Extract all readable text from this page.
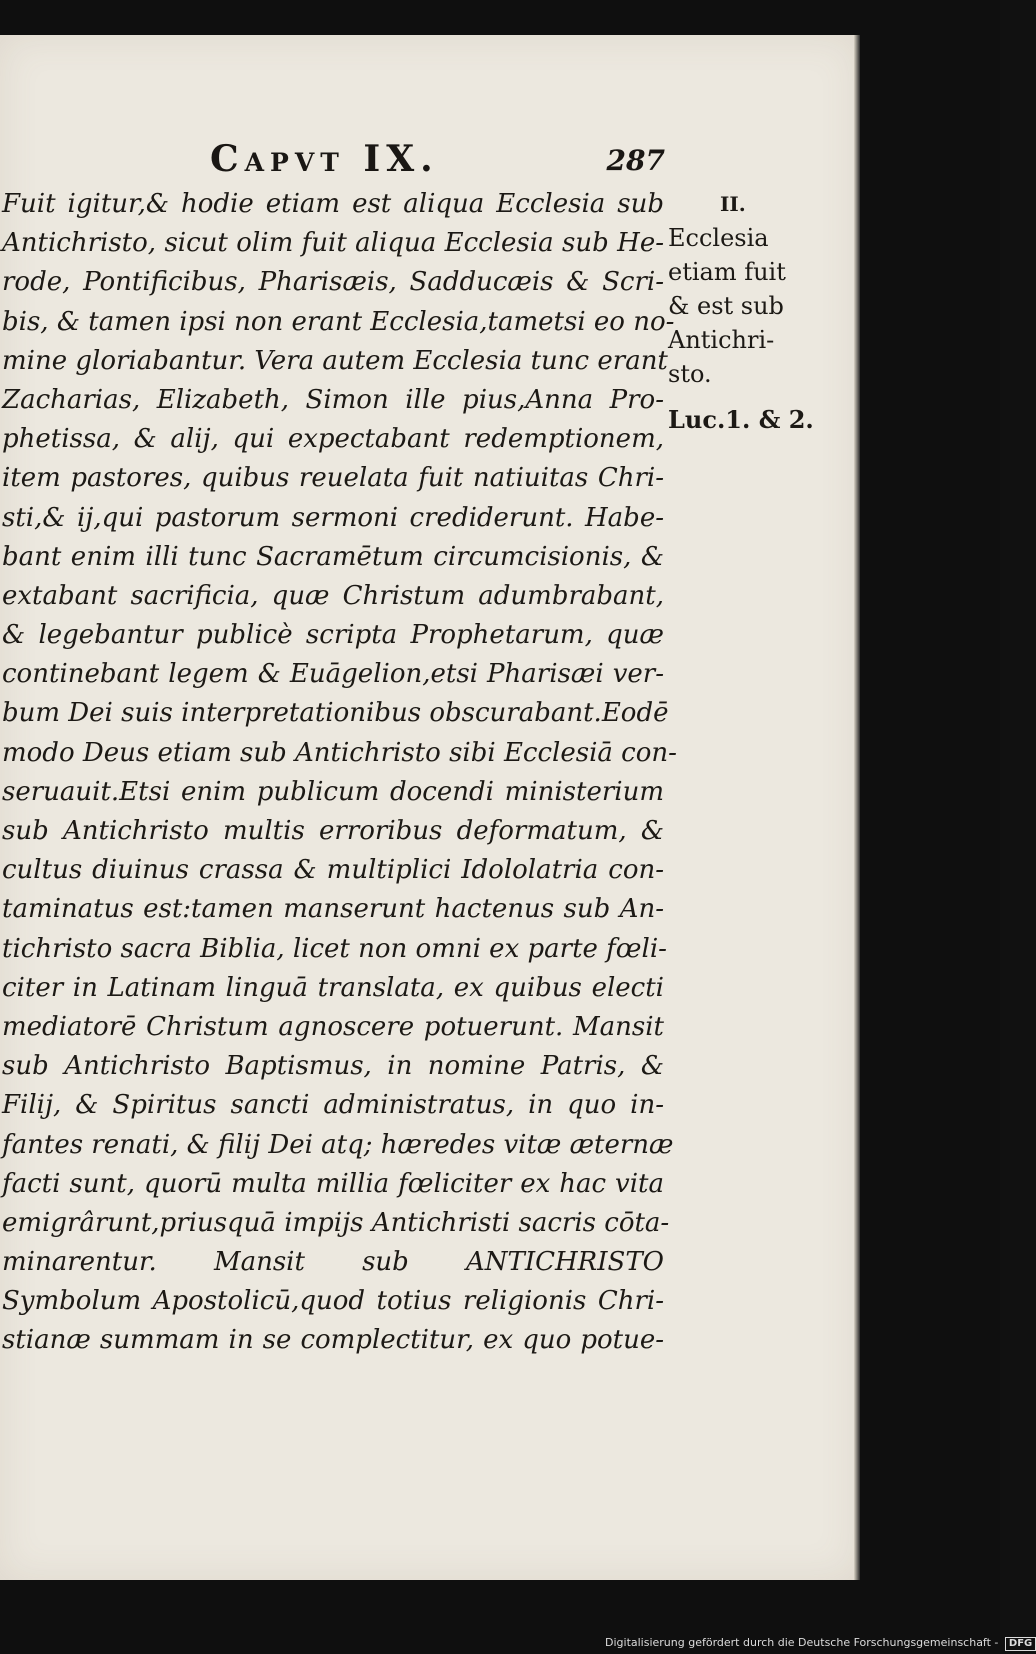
Capvt IX.	287
Fuit igitur,& hodie etiam est aliqua Ecclesia sub
Antichristo, sicut olim fuit aliqua Ecclesia sub He-
rode, Pontificibus, Pharisæis, Sadducæis & Scri-
bis, & tamen ipsi non erant Ecclesia,tametsi eo no-
mine gloriabantur. Vera autem Ecclesia tunc erant
Zacharias, Elizabeth, Simon ille pius,Anna Pro-
phetissa, & alij, qui expectabant redemptionem,
item pastores, quibus reuelata fuit natiuitas Chri-
sti,& ij,qui pastorum sermoni crediderunt. Habe-
bant enim illi tunc Sacramētum circumcisionis, &
extabant sacrificia, quæ Christum adumbrabant,
& legebantur publicè scripta Prophetarum, quæ
continebant legem & Euāgelion,etsi Pharisæi ver-
bum Dei suis interpretationibus obscurabant.Eodē
modo Deus etiam sub Antichristo sibi Ecclesiā con-
seruauit.Etsi enim publicum docendi ministerium
sub Antichristo multis erroribus deformatum, &
cultus diuinus crassa & multiplici Idololatria con-
taminatus est:tamen manserunt hactenus sub An-
tichristo sacra Biblia, licet non omni ex parte fœli-
citer in Latinam linguā translata, ex quibus electi
mediatorē Christum agnoscere potuerunt. Mansit
sub Antichristo Baptismus, in nomine Patris, &
Filij, & Spiritus sancti administratus, in quo in-
fantes renati, & filij Dei atq; hæredes vitæ æternæ
facti sunt, quorū multa millia fœliciter ex hac vita
emigrârunt,priusquā impijs Antichristi sacris cōta-
minarentur. Mansit sub ANTICHRISTO
Symbolum Apostolicū,quod totius religionis Chri-
stianæ summam in se complectitur, ex quo potue-
II.
Ecclesia
etiam fuit
& est sub
Antichri-
sto.
Luc.1. & 2.
Digitalisierung gefördert durch die Deutsche Forschungsgemeinschaft - DFG
